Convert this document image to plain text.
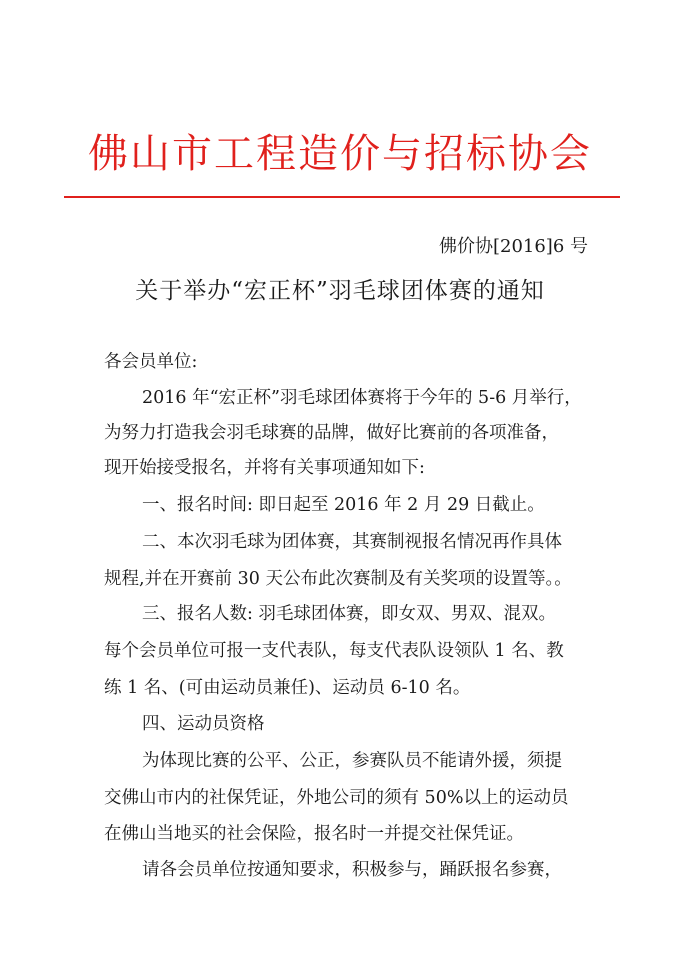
佛山市工程造价与招标协会
佛价协[2016]6 号
关于举办“宏正杯”羽毛球团体赛的通知
各会员单位:
2016 年“宏正杯”羽毛球团体赛将于今年的 5-6 月举行，
为努力打造我会羽毛球赛的品牌，做好比赛前的各项准备，
现开始接受报名，并将有关事项通知如下:
一、报名时间: 即日起至 2016 年 2 月 29 日截止。
二、本次羽毛球为团体赛，其赛制视报名情况再作具体
规程,并在开赛前 30 天公布此次赛制及有关奖项的设置等。。
三、报名人数: 羽毛球团体赛，即女双、男双、混双。
每个会员单位可报一支代表队，每支代表队设领队 1 名、教
练 1 名、(可由运动员兼任)、运动员 6-10 名。
四、运动员资格
为体现比赛的公平、公正，参赛队员不能请外援，须提
交佛山市内的社保凭证，外地公司的须有 50%以上的运动员
在佛山当地买的社会保险，报名时一并提交社保凭证。
请各会员单位按通知要求，积极参与，踊跃报名参赛，
